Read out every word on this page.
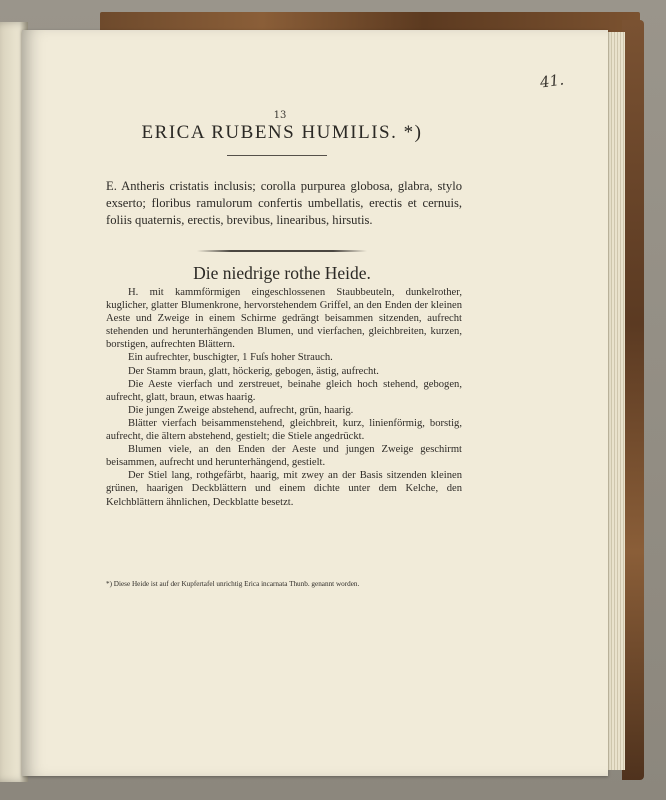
41.
13
ERICA RUBENS HUMILIS. *)
E. Antheris cristatis inclusis; corolla purpurea globosa, glabra, stylo exserto; floribus ramulorum confertis umbellatis, erectis et cernuis, foliis quaternis, erectis, brevibus, linearibus, hirsutis.
Die niedrige rothe Heide.

H. mit kammförmigen eingeschlossenen Staubbeuteln, dunkelrother, kuglicher, glatter Blumenkrone, hervorstehendem Griffel, an den Enden der kleinen Aeste und Zweige in einem Schirme gedrängt beisammen sitzenden, aufrecht stehenden und herunterhängenden Blumen, und vierfachen, gleichbreiten, kurzen, borstigen, aufrechten Blättern.

Ein aufrechter, buschigter, 1 Fuſs hoher Strauch.

Der Stamm braun, glatt, höckerig, gebogen, ästig, aufrecht.

Die Aeste vierfach und zerstreuet, beinahe gleich hoch stehend, gebogen, aufrecht, glatt, braun, etwas haarig.

Die jungen Zweige abstehend, aufrecht, grün, haarig.

Blätter vierfach beisammenstehend, gleichbreit, kurz, linienförmig, borstig, aufrecht, die ältern abstehend, gestielt; die Stiele angedrückt.

Blumen viele, an den Enden der Aeste und jungen Zweige geschirmt beisammen, aufrecht und herunterhängend, gestielt.

Der Stiel lang, rothgefärbt, haarig, mit zwey an der Basis sitzenden kleinen grünen, haarigen Deckblättern und einem dichte unter dem Kelche, den Kelchblättern ähnlichen, Deckblatte besetzt.

*) Diese Heide ist auf der Kupfertafel unrichtig Erica incarnata Thunb. genannt worden.
